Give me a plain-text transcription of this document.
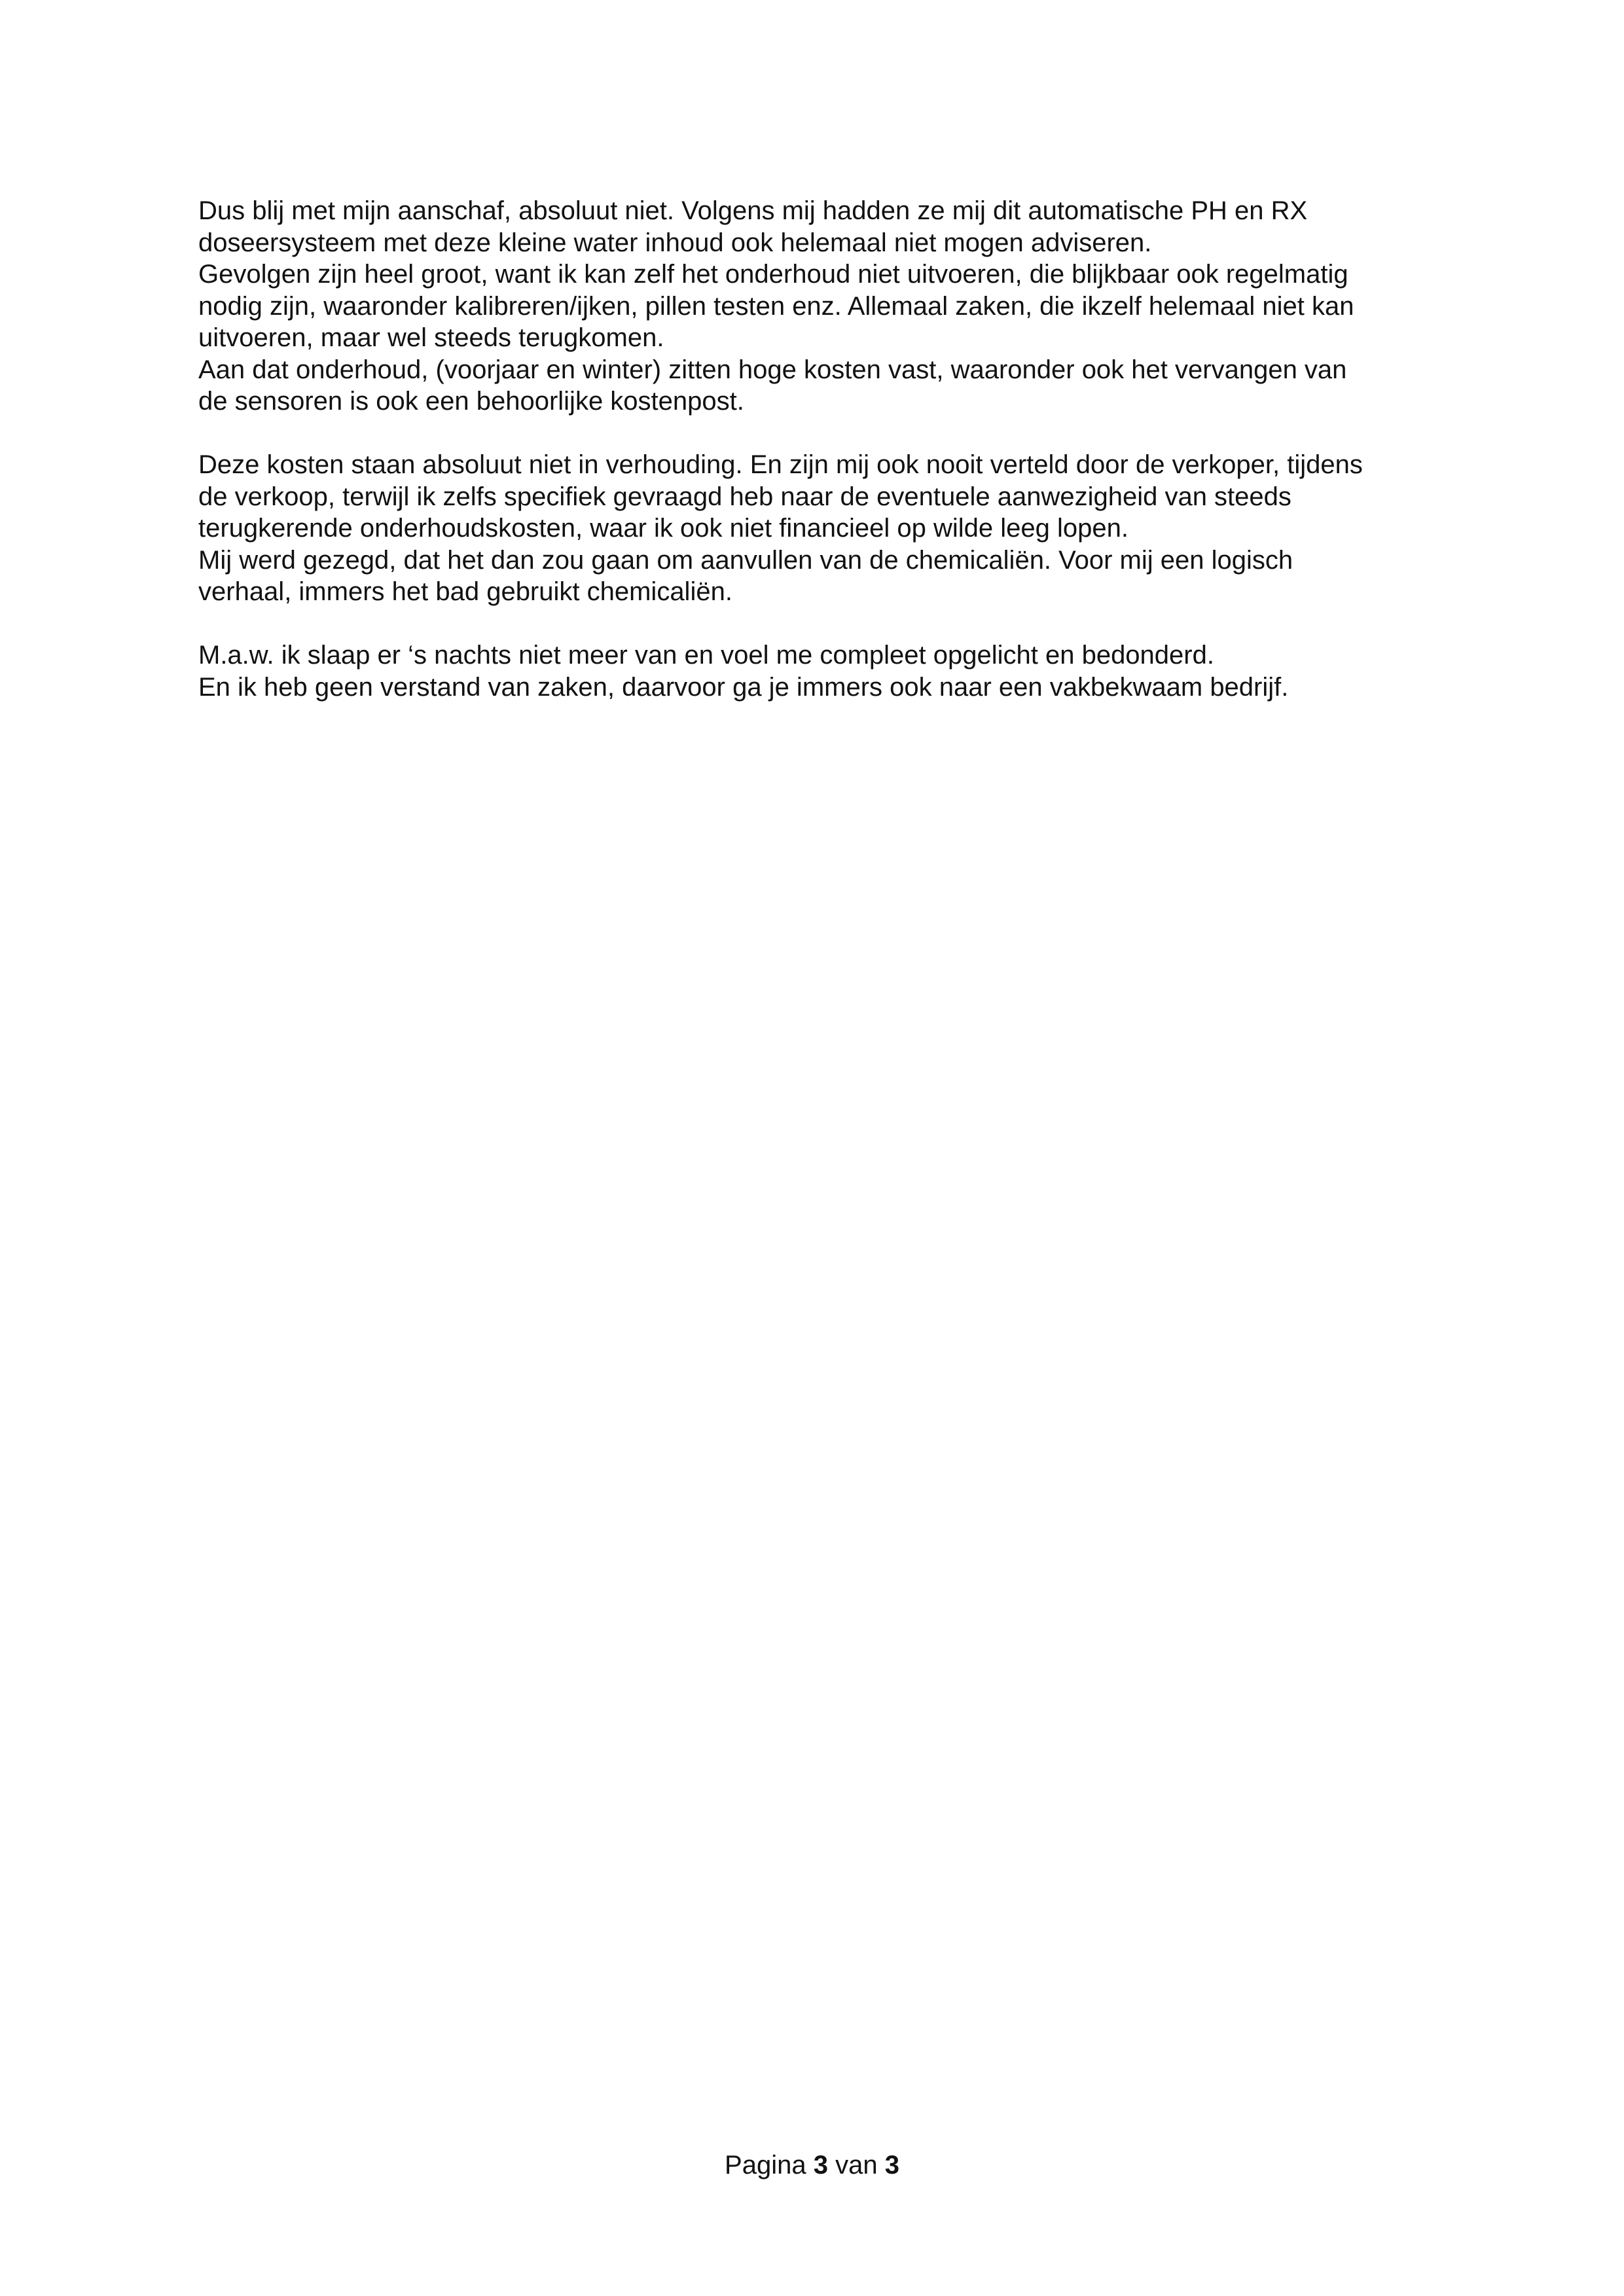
Dus blij met mijn aanschaf, absoluut niet. Volgens mij hadden ze mij dit automatische PH en RX
doseersysteem met deze kleine water inhoud ook helemaal niet mogen adviseren.
Gevolgen zijn heel groot, want ik kan zelf het onderhoud niet uitvoeren, die blijkbaar ook regelmatig
nodig zijn, waaronder kalibreren/ijken, pillen testen enz. Allemaal zaken, die ikzelf helemaal niet kan
uitvoeren, maar wel steeds terugkomen.
Aan dat onderhoud, (voorjaar en winter) zitten hoge kosten vast, waaronder ook het vervangen van
de sensoren is ook een behoorlijke kostenpost.
Deze kosten staan absoluut niet in verhouding. En zijn mij ook nooit verteld door de verkoper, tijdens
de verkoop, terwijl ik zelfs specifiek gevraagd heb naar de eventuele aanwezigheid van steeds
terugkerende onderhoudskosten, waar ik ook niet financieel op wilde leeg lopen.
Mij werd gezegd, dat het dan zou gaan om aanvullen van de chemicaliën. Voor mij een logisch
verhaal, immers het bad gebruikt chemicaliën.
M.a.w. ik slaap er ‘s nachts niet meer van en voel me compleet opgelicht en bedonderd.
En ik heb geen verstand van zaken, daarvoor ga je immers ook naar een vakbekwaam bedrijf.
Pagina 3 van 3
